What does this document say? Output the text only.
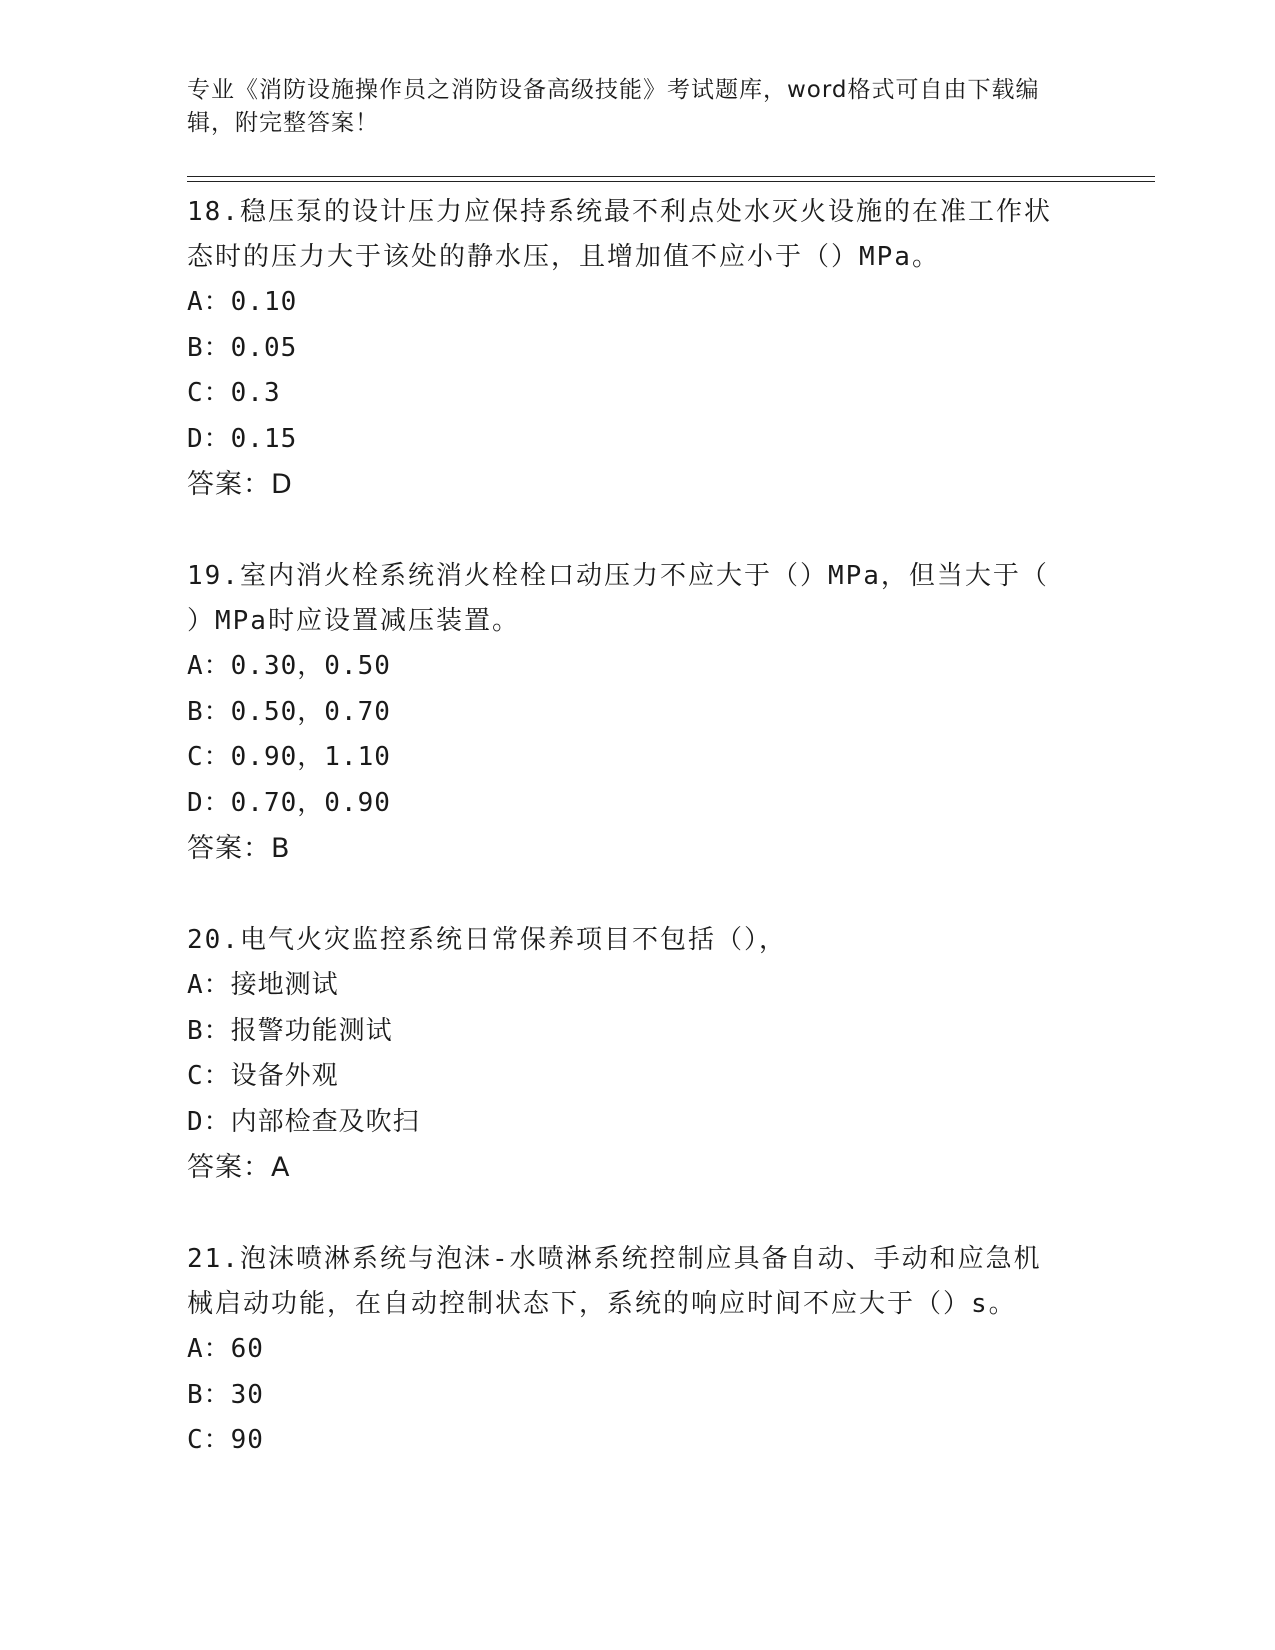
专业《消防设施操作员之消防设备高级技能》考试题库，word格式可自由下载编
辑，附完整答案！
18.稳压泵的设计压力应保持系统最不利点处水灭火设施的在准工作状
态时的压力大于该处的静水压，且增加值不应小于（）MPa。
A：0.10
B：0.05
C：0.3
D：0.15
答案：D
19.室内消火栓系统消火栓栓口动压力不应大于（）MPa，但当大于（
）MPa时应设置减压装置。
A：0.30，0.50
B：0.50，0.70
C：0.90，1.10
D：0.70，0.90
答案：B
20.电气火灾监控系统日常保养项目不包括（），
A：接地测试
B：报警功能测试
C：设备外观
D：内部检查及吹扫
答案：A
21.泡沫喷淋系统与泡沫-水喷淋系统控制应具备自动、手动和应急机
械启动功能，在自动控制状态下，系统的响应时间不应大于（）s。
A：60
B：30
C：90
